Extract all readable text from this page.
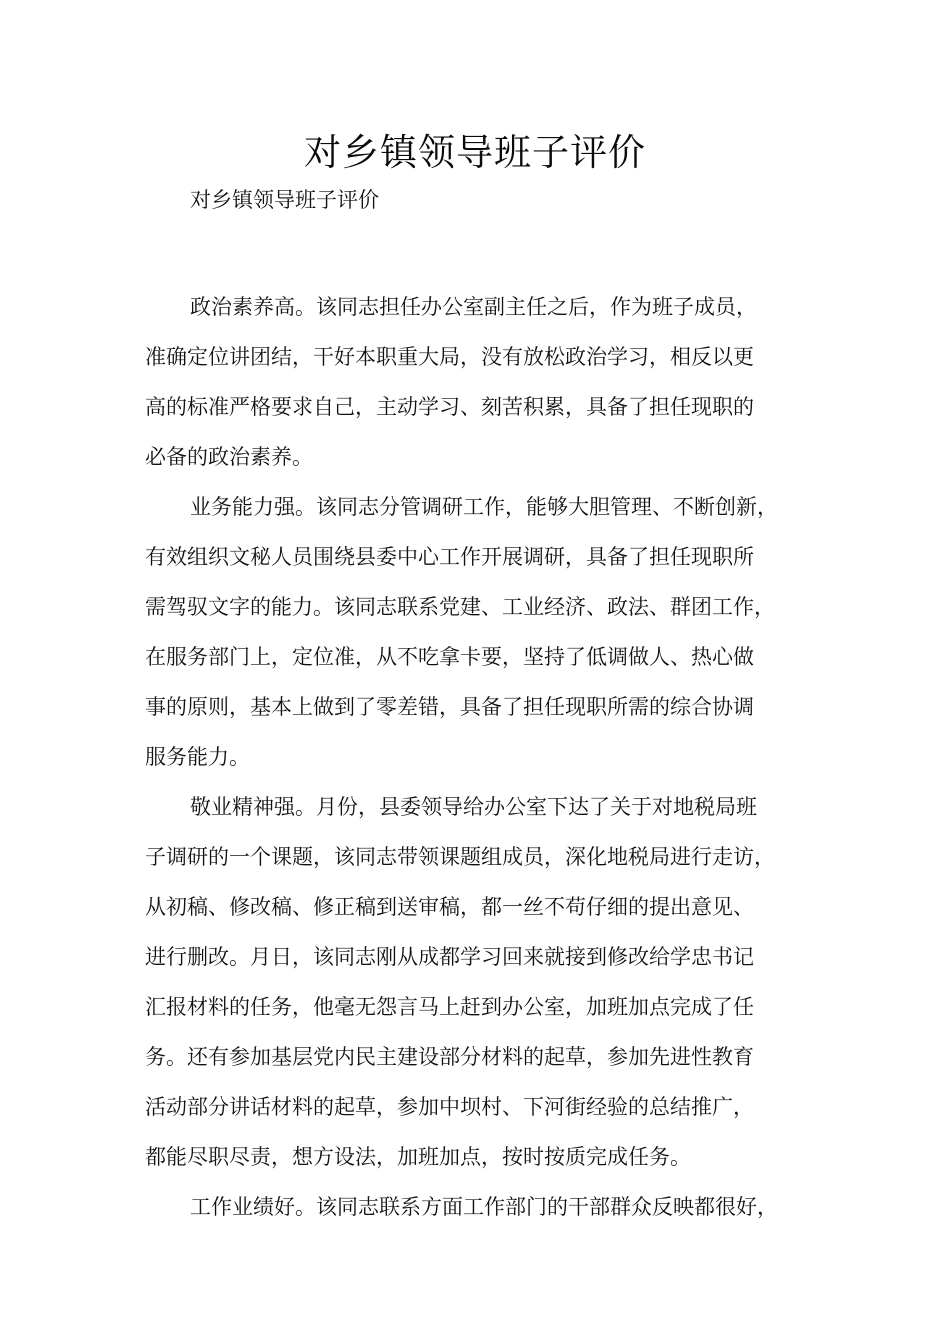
对乡镇领导班子评价

对乡镇领导班子评价

政治素养高。该同志担任办公室副主任之后，作为班子成员，
准确定位讲团结，干好本职重大局，没有放松政治学习，相反以更
高的标准严格要求自己，主动学习、刻苦积累，具备了担任现职的
必备的政治素养。

业务能力强。该同志分管调研工作，能够大胆管理、不断创新，
有效组织文秘人员围绕县委中心工作开展调研，具备了担任现职所
需驾驭文字的能力。该同志联系党建、工业经济、政法、群团工作，
在服务部门上，定位准，从不吃拿卡要，坚持了低调做人、热心做
事的原则，基本上做到了零差错，具备了担任现职所需的综合协调
服务能力。

敬业精神强。月份，县委领导给办公室下达了关于对地税局班
子调研的一个课题，该同志带领课题组成员，深化地税局进行走访，
从初稿、修改稿、修正稿到送审稿，都一丝不苟仔细的提出意见、
进行删改。月日，该同志刚从成都学习回来就接到修改给学忠书记
汇报材料的任务，他毫无怨言马上赶到办公室，加班加点完成了任
务。还有参加基层党内民主建设部分材料的起草，参加先进性教育
活动部分讲话材料的起草，参加中坝村、下河街经验的总结推广，
都能尽职尽责，想方设法，加班加点，按时按质完成任务。

工作业绩好。该同志联系方面工作部门的干部群众反映都很好，
